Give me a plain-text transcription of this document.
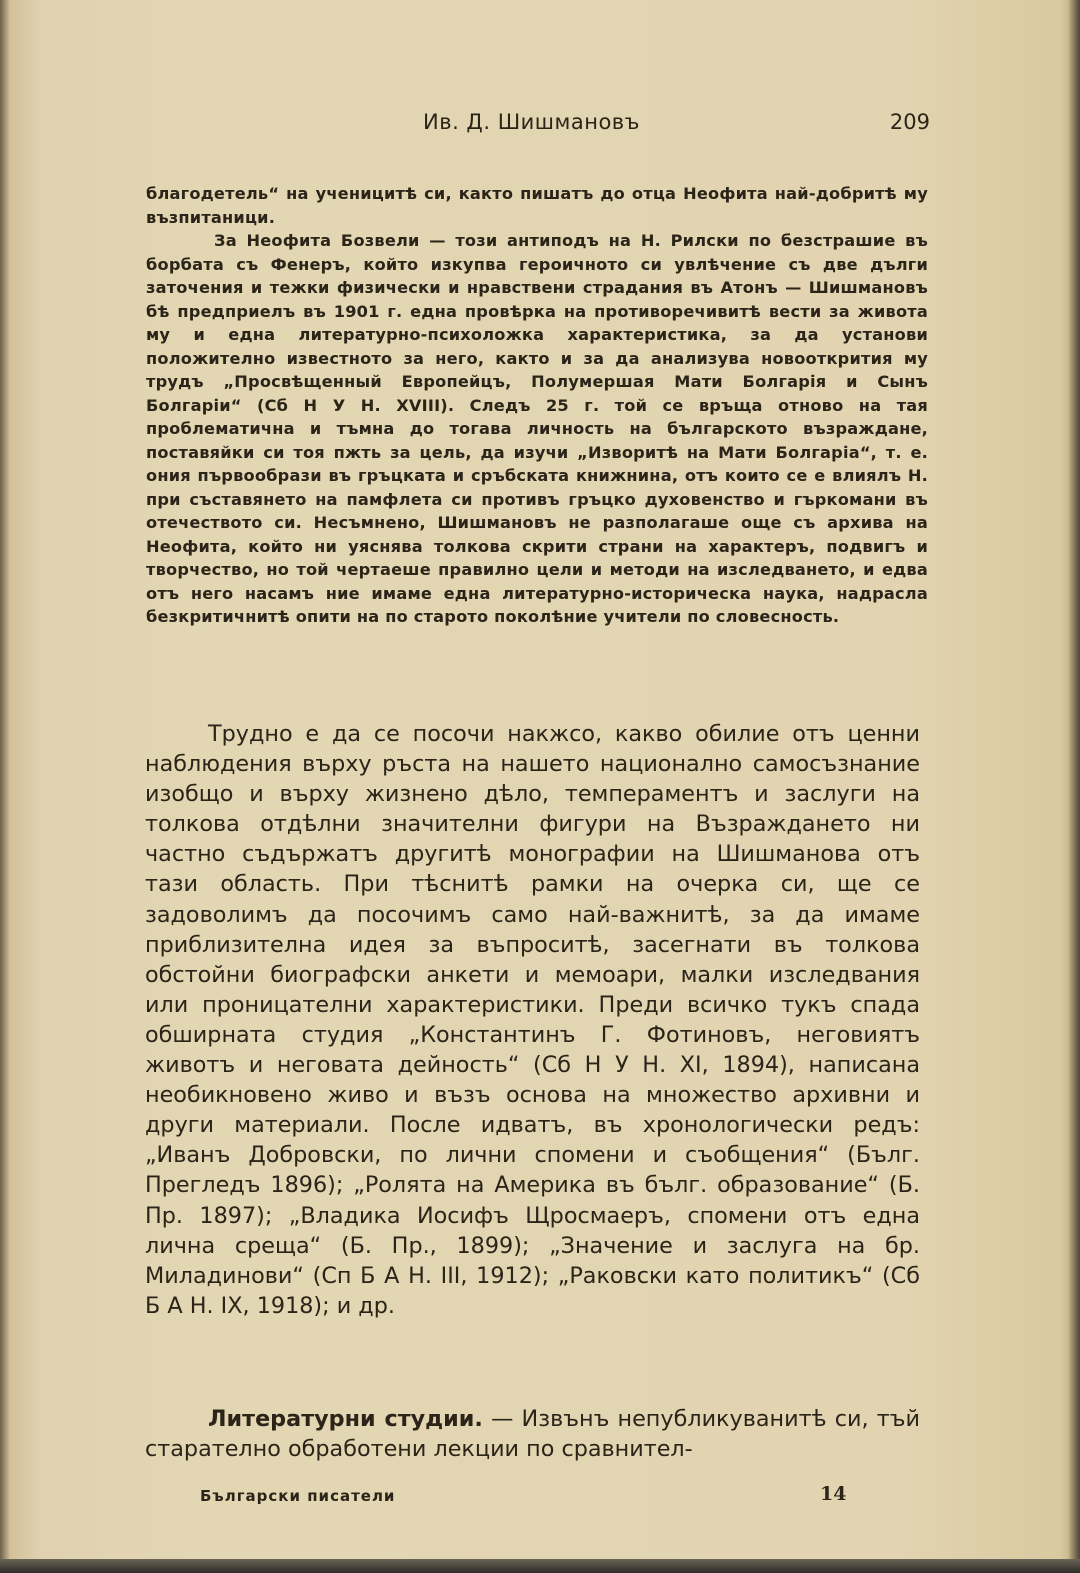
Ив. Д. Шишмановъ	209

благодетель“ на ученицитѣ си, както пишатъ до отца Неофита най-добритѣ му възпитаници.

За Неофита Бозвели — този антиподъ на Н. Рилски по безстрашие въ борбата съ Фенеръ, който изкупва героичното си увлѣчение съ две дълги заточения и тежки физически и нравствени страдания въ Атонъ — Шишмановъ бѣ предприелъ въ 1901 г. една провѣрка на противоречивитѣ вести за живота му и една литературно-психоложка характеристика, за да установи положително известното за него, както и за да анализува новооткрития му трудъ „Просвѣщенный Европейцъ, Полумершая Мати Болгарія и Сынъ Болгаріи“ (Сб Н У Н. XVIII). Следъ 25 г. той се връща отново на тая проблематична и тъмна до тогава личность на българското възраждане, поставяйки си тоя пжть за цель, да изучи „Изворитѣ на Мати Болгаріа“, т. е. ония първообрази въ гръцката и сръбската книжнина, отъ които се е влиялъ Н. при съставянето на памфлета си противъ гръцко духовенство и гъркомани въ отечеството си. Несъмнено, Шишмановъ не разполагаше още съ архива на Неофита, който ни уяснява толкова скрити страни на характеръ, подвигъ и творчество, но той чертаеше правилно цели и методи на изследването, и едва отъ него насамъ ние имаме една литературно-историческа наука, надрасла безкритичнитѣ опити на по старото поколѣние учители по словесность.

Трудно е да се посочи накжсо, какво обилие отъ ценни наблюдения върху ръста на нашето национално самосъзнание изобщо и върху жизнено дѣло, темпераментъ и заслуги на толкова отдѣлни значителни фигури на Възраждането ни частно съдържатъ другитѣ монографии на Шишманова отъ тази область. При тѣснитѣ рамки на очерка си, ще се задоволимъ да посочимъ само най-важнитѣ, за да имаме приблизителна идея за въпроситѣ, засегнати въ толкова обстойни биографски анкети и мемоари, малки изследвания или проницателни характеристики. Преди всичко тукъ спада обширната студия „Константинъ Г. Фотиновъ, неговиятъ животъ и неговата дейность“ (Сб Н У Н. XI, 1894), написана необикновено живо и възъ основа на множество архивни и други материали. После идватъ, въ хронологически редъ: „Иванъ Добровски, по лични спомени и съобщения“ (Бълг. Прегледъ 1896); „Ролята на Америка въ бълг. образование“ (Б. Пр. 1897); „Владика Иосифъ Щросмаеръ, спомени отъ една лична среща“ (Б. Пр., 1899); „Значение и заслуга на бр. Миладинови“ (Сп Б А Н. III, 1912); „Раковски като политикъ“ (Сб Б А Н. IX, 1918); и др.

Литературни студии. — Извънъ непубликуванитѣ си, тъй старателно обработени лекции по сравнител-

Български писатели	14
